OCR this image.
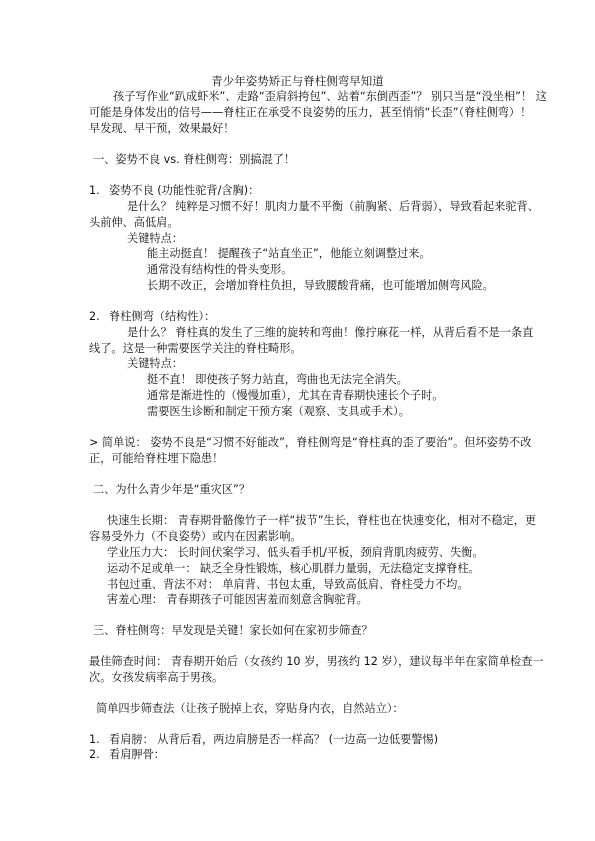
青少年姿势矫正与脊柱侧弯早知道
孩子写作业“趴成虾米”、走路“歪肩斜挎包”、站着“东倒西歪”？ 别只当是“没坐相”！ 这
可能是身体发出的信号——脊柱正在承受不良姿势的压力，甚至悄悄“长歪”（脊柱侧弯）！
早发现、早干预，效果最好！
一、姿势不良 vs. 脊柱侧弯：别搞混了！
1. 姿势不良 (功能性驼背/含胸)：
是什么？ 纯粹是习惯不好！肌肉力量不平衡（前胸紧、后背弱），导致看起来驼背、
头前伸、高低肩。
关键特点：
能主动挺直！ 提醒孩子“站直坐正”，他能立刻调整过来。
通常没有结构性的骨头变形。
长期不改正，会增加脊柱负担，导致腰酸背痛，也可能增加侧弯风险。
2. 脊柱侧弯（结构性）：
是什么？ 脊柱真的发生了三维的旋转和弯曲！像拧麻花一样，从背后看不是一条直
线了。这是一种需要医学关注的脊柱畸形。
关键特点：
挺不直！ 即使孩子努力站直，弯曲也无法完全消失。
通常是渐进性的（慢慢加重），尤其在青春期快速长个子时。
需要医生诊断和制定干预方案（观察、支具或手术）。
> 简单说： 姿势不良是“习惯不好能改”，脊柱侧弯是“脊柱真的歪了要治”。但坏姿势不改
正，可能给脊柱埋下隐患！
二、为什么青少年是“重灾区”？
快速生长期： 青春期骨骼像竹子一样“拔节”生长，脊柱也在快速变化，相对不稳定，更
容易受外力（不良姿势）或内在因素影响。
学业压力大： 长时间伏案学习、低头看手机/平板，颈肩背肌肉疲劳、失衡。
运动不足或单一： 缺乏全身性锻炼，核心肌群力量弱，无法稳定支撑脊柱。
书包过重、背法不对： 单肩背、书包太重，导致高低肩、脊柱受力不均。
害羞心理： 青春期孩子可能因害羞而刻意含胸驼背。
三、脊柱侧弯：早发现是关键！家长如何在家初步筛查？
最佳筛查时间： 青春期开始后（女孩约 10 岁，男孩约 12 岁），建议每半年在家简单检查一
次。女孩发病率高于男孩。
简单四步筛查法（让孩子脱掉上衣，穿贴身内衣，自然站立）：
1. 看肩膀： 从背后看，两边肩膀是否一样高？ (一边高一边低要警惕)
2. 看肩胛骨：
